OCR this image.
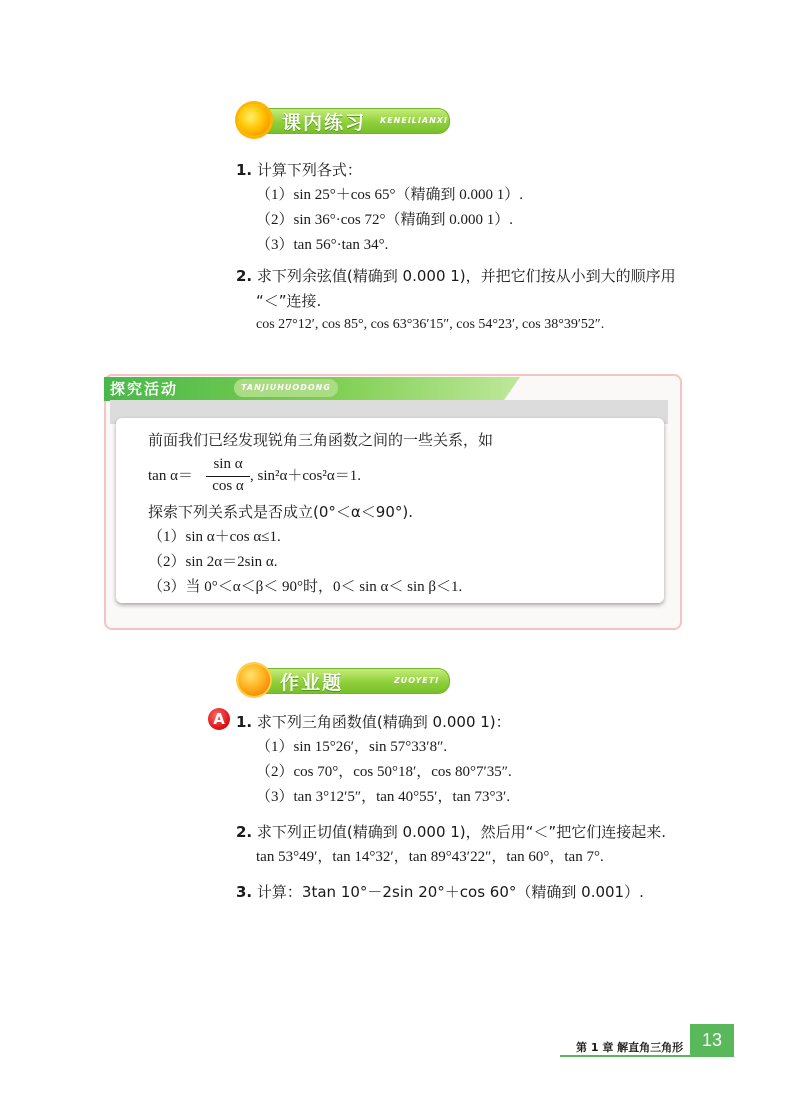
课内练习 KENEILIANXI
1. 计算下列各式：
（1）sin 25°＋cos 65°（精确到 0.000 1）.
（2）sin 36°·cos 72°（精确到 0.000 1）.
（3）tan 56°·tan 34°.
2. 求下列余弦值(精确到 0.000 1)，并把它们按从小到大的顺序用
“＜”连接.
cos 27°12′, cos 85°, cos 63°36′15″, cos 54°23′, cos 38°39′52″.
探究活动	TANJIUHUODONG
前面我们已经发现锐角三角函数之间的一些关系，如
tan α＝
sin α
cos α
, sin²α＋cos²α＝1.
探索下列关系式是否成立(0°＜α＜90°).
（1）sin α＋cos α≤1.
（2）sin 2α＝2sin α.
（3）当 0°＜α＜β＜ 90°时，0＜ sin α＜ sin β＜1.
作业题	ZUOYETI
A 1. 求下列三角函数值(精确到 0.000 1)：
（1）sin 15°26′，sin 57°33′8″.
（2）cos 70°，cos 50°18′，cos 80°7′35″.
（3）tan 3°12′5″，tan 40°55′，tan 73°3′.
2. 求下列正切值(精确到 0.000 1)，然后用“＜”把它们连接起来.
tan 53°49′，tan 14°32′，tan 89°43′22″，tan 60°，tan 7°.
3. 计算：3tan 10°－2sin 20°＋cos 60°（精确到 0.001）.
第 1 章 解直角三角形	13
